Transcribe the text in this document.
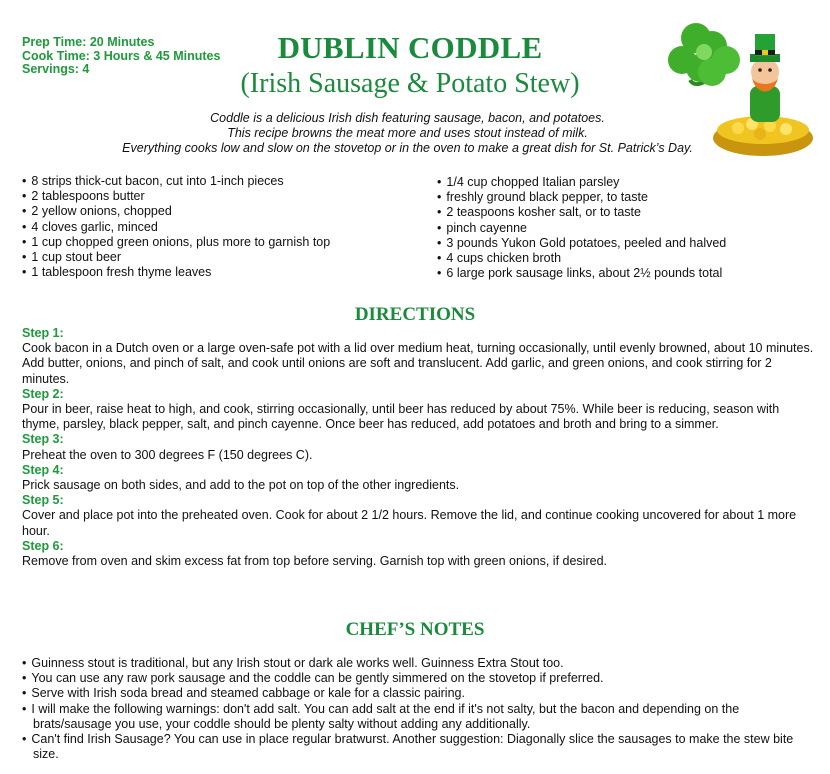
Prep Time: 20 Minutes
Cook Time: 3 Hours & 45 Minutes
Servings: 4
DUBLIN CODDLE
(Irish Sausage & Potato Stew)
Coddle is a delicious Irish dish featuring sausage, bacon, and potatoes.
This recipe browns the meat more and uses stout instead of milk.
Everything cooks low and slow on the stovetop or in the oven to make a great dish for St. Patrick’s Day.
• 8 strips thick-cut bacon, cut into 1-inch pieces
• 2 tablespoons butter
• 2 yellow onions, chopped
• 4 cloves garlic, minced
• 1 cup chopped green onions, plus more to garnish top
• 1 cup stout beer
• 1 tablespoon fresh thyme leaves
• 1/4 cup chopped Italian parsley
• freshly ground black pepper, to taste
• 2 teaspoons kosher salt, or to taste
• pinch cayenne
• 3 pounds Yukon Gold potatoes, peeled and halved
• 4 cups chicken broth
• 6 large pork sausage links, about 2½ pounds total
DIRECTIONS
Step 1:

Cook bacon in a Dutch oven or a large oven-safe pot with a lid over medium heat, turning occasionally, until evenly browned, about 10 minutes. Add butter, onions, and pinch of salt, and cook until onions are soft and translucent. Add garlic, and green onions, and cook stirring for 2 minutes.

Step 2:

Pour in beer, raise heat to high, and cook, stirring occasionally, until beer has reduced by about 75%. While beer is reducing, season with thyme, parsley, black pepper, salt, and pinch cayenne. Once beer has reduced, add potatoes and broth and bring to a simmer.

Step 3:

Preheat the oven to 300 degrees F (150 degrees C).

Step 4:

Prick sausage on both sides, and add to the pot on top of the other ingredients.

Step 5:

Cover and place pot into the preheated oven. Cook for about 2 1/2 hours. Remove the lid, and continue cooking uncovered for about 1 more hour.

Step 6:

Remove from oven and skim excess fat from top before serving. Garnish top with green onions, if desired.

CHEF’S NOTES
• Guinness stout is traditional, but any Irish stout or dark ale works well. Guinness Extra Stout too.
• You can use any raw pork sausage and the coddle can be gently simmered on the stovetop if preferred.
• Serve with Irish soda bread and steamed cabbage or kale for a classic pairing.
• I will make the following warnings: don't add salt. You can add salt at the end if it's not salty, but the bacon and depending on the brats/sausage you use, your coddle should be plenty salty without adding any additionally.
• Can't find Irish Sausage? You can use in place regular bratwurst. Another suggestion: Diagonally slice the sausages to make the stew bite size.
